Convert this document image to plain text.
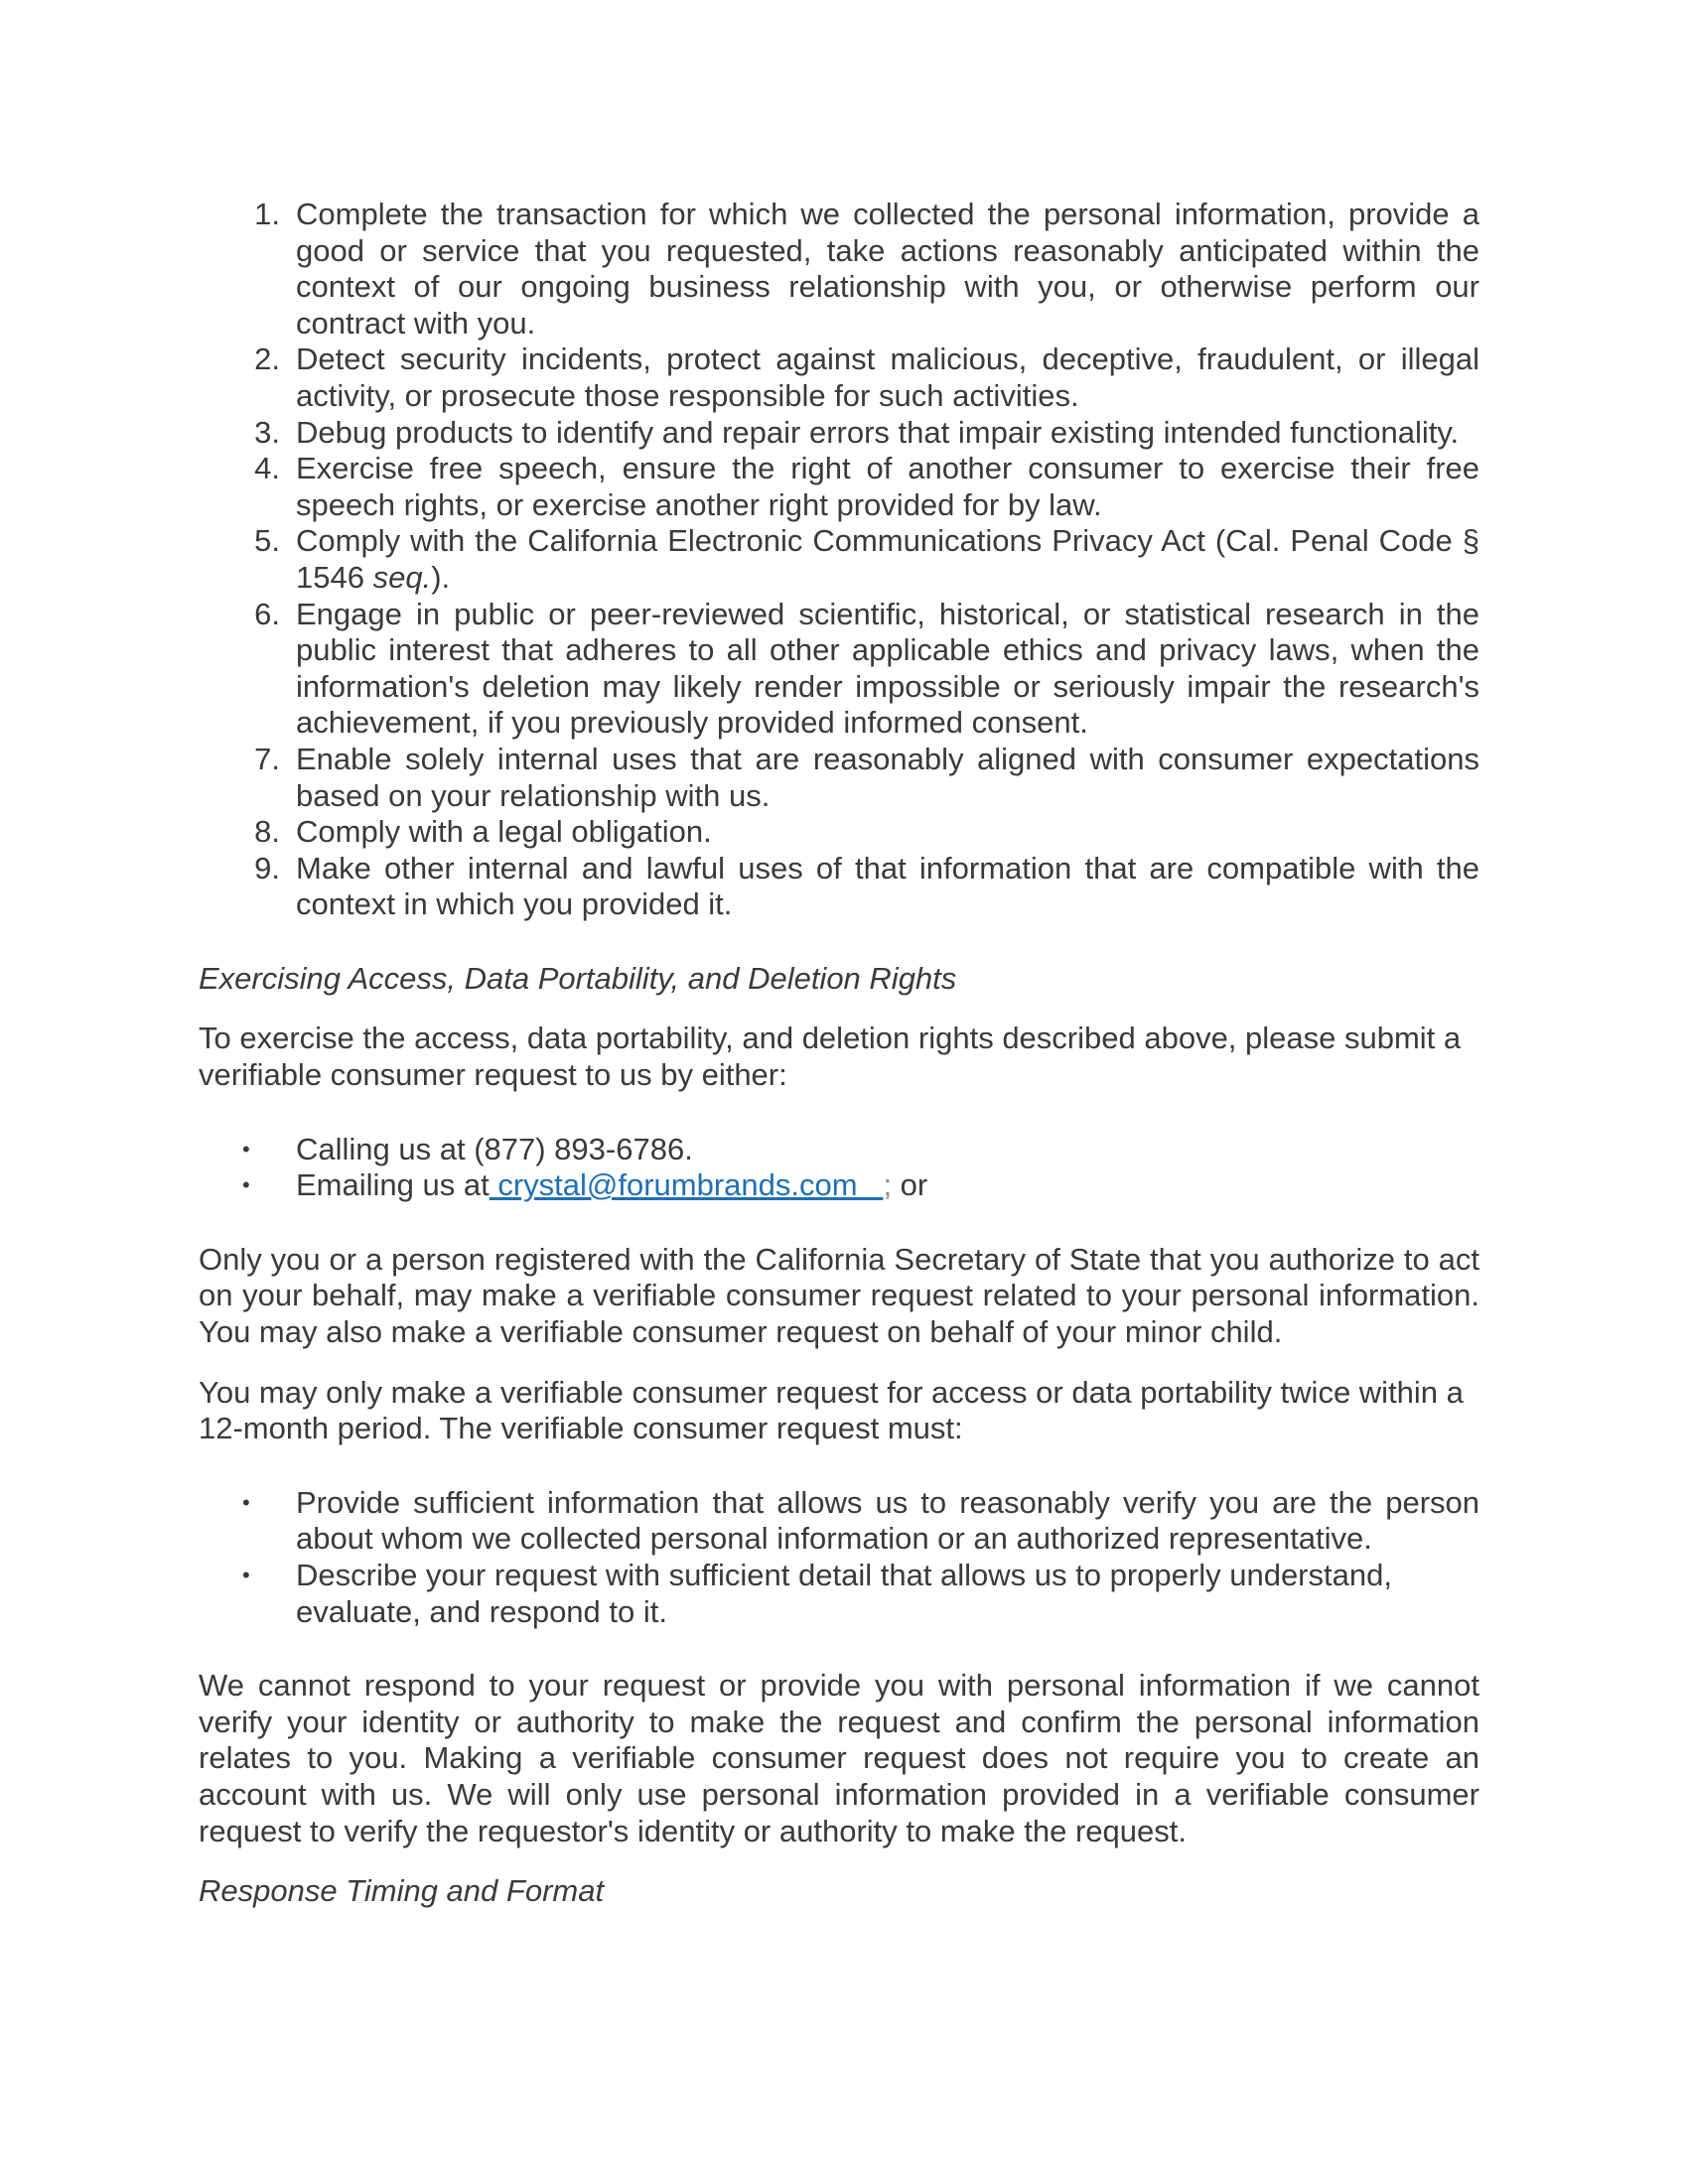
1. Complete the transaction for which we collected the personal information, provide a good or service that you requested, take actions reasonably anticipated within the context of our ongoing business relationship with you, or otherwise perform our contract with you.
2. Detect security incidents, protect against malicious, deceptive, fraudulent, or illegal activity, or prosecute those responsible for such activities.
3. Debug products to identify and repair errors that impair existing intended functionality.
4. Exercise free speech, ensure the right of another consumer to exercise their free speech rights, or exercise another right provided for by law.
5. Comply with the California Electronic Communications Privacy Act (Cal. Penal Code § 1546 seq.).
6. Engage in public or peer-reviewed scientific, historical, or statistical research in the public interest that adheres to all other applicable ethics and privacy laws, when the information's deletion may likely render impossible or seriously impair the research's achievement, if you previously provided informed consent.
7. Enable solely internal uses that are reasonably aligned with consumer expectations based on your relationship with us.
8. Comply with a legal obligation.
9. Make other internal and lawful uses of that information that are compatible with the context in which you provided it.

Exercising Access, Data Portability, and Deletion Rights

To exercise the access, data portability, and deletion rights described above, please submit a verifiable consumer request to us by either:

• Calling us at (877) 893-6786.
• Emailing us at crystal@forumbrands.com ; or

Only you or a person registered with the California Secretary of State that you authorize to act on your behalf, may make a verifiable consumer request related to your personal information. You may also make a verifiable consumer request on behalf of your minor child.

You may only make a verifiable consumer request for access or data portability twice within a 12-month period. The verifiable consumer request must:

• Provide sufficient information that allows us to reasonably verify you are the person about whom we collected personal information or an authorized representative.
• Describe your request with sufficient detail that allows us to properly understand, evaluate, and respond to it.

We cannot respond to your request or provide you with personal information if we cannot verify your identity or authority to make the request and confirm the personal information relates to you. Making a verifiable consumer request does not require you to create an account with us. We will only use personal information provided in a verifiable consumer request to verify the requestor's identity or authority to make the request.

Response Timing and Format
